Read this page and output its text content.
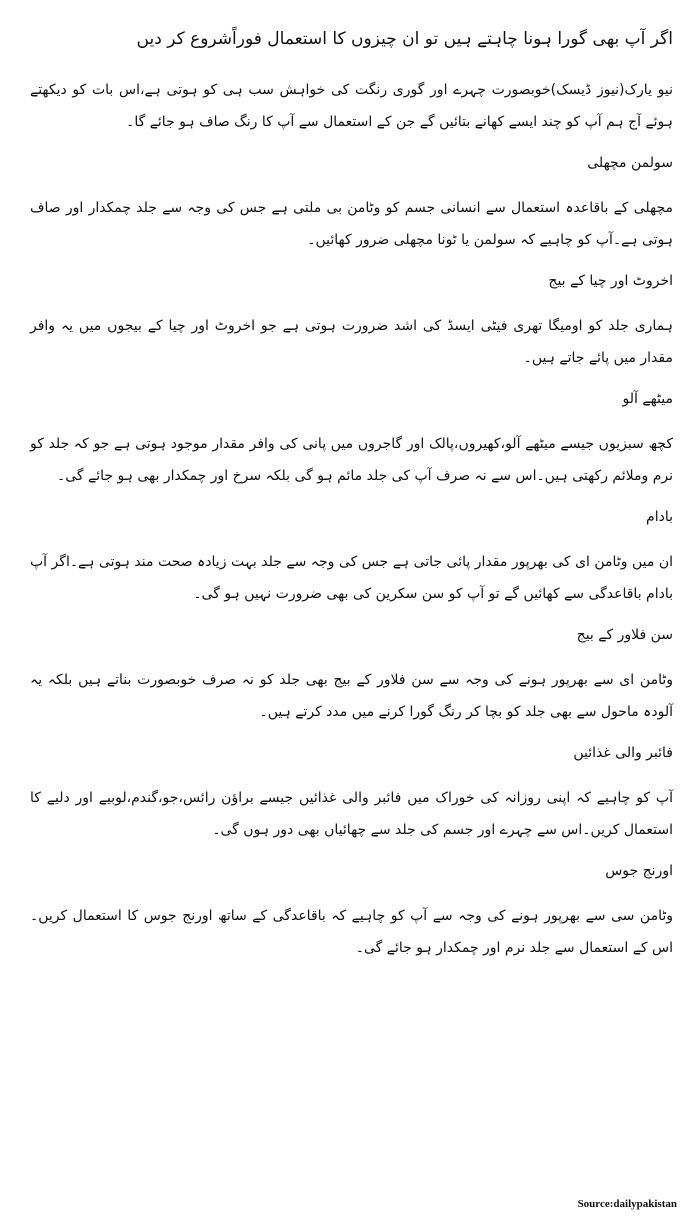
اگر آپ بھی گورا ہونا چاہتے ہیں تو ان چیزوں کا استعمال فوراًشروع کر دیں

نیو یارک(نیوز ڈیسک)خوبصورت چہرے اور گوری رنگت کی خواہش سب ہی کو ہوتی ہے،اس بات کو دیکھتے ہوئے آج ہم آپ کو چند ایسے کھانے بتائیں گے جن کے استعمال سے آپ کا رنگ صاف ہو جائے گا۔

سولمن مچھلی

مچھلی کے باقاعدہ استعمال سے انسانی جسم کو وٹامن بی ملتی ہے جس کی وجہ سے جلد چمکدار اور صاف ہوتی ہے۔آپ کو چاہیے کہ سولمن یا ٹونا مچھلی ضرور کھائیں۔

اخروٹ اور چیا کے بیج

ہماری جلد کو اومیگا تھری فیٹی ایسڈ کی اشد ضرورت ہوتی ہے جو اخروٹ اور چیا کے بیجوں میں یہ وافر مقدار میں پائے جاتے ہیں۔

میٹھے آلو

کچھ سبزیوں جیسے میٹھے آلو،کھیروں،پالک اور گاجروں میں پانی کی وافر مقدار موجود ہوتی ہے جو کہ جلد کو نرم وملائم رکھتی ہیں۔اس سے نہ صرف آپ کی جلد مائم ہو گی بلکہ سرخ اور چمکدار بھی ہو جائے گی۔

بادام

ان میں وٹامن ای کی بھرپور مقدار پائی جاتی ہے جس کی وجہ سے جلد بہت زیادہ صحت مند ہوتی ہے۔اگر آپ بادام باقاعدگی سے کھائیں گے تو آپ کو سن سکرین کی بھی ضرورت نہیں ہو گی۔

سن فلاور کے بیج

وٹامن ای سے بھرپور ہونے کی وجہ سے سن فلاور کے بیج بھی جلد کو نہ صرف خوبصورت بناتے ہیں بلکہ یہ آلودہ ماحول سے بھی جلد کو بچا کر رنگ گورا کرنے میں مدد کرتے ہیں۔

فائبر والی غذائیں

آپ کو چاہیے کہ اپنی روزانہ کی خوراک میں فائبر والی غذائیں جیسے براؤن رائس،جو،گندم،لوبیے اور دلیے کا استعمال کریں۔اس سے چہرے اور جسم کی جلد سے چھائیاں بھی دور ہوں گی۔

اورنج جوس

وٹامن سی سے بھرپور ہونے کی وجہ سے آپ کو چاہیے کہ باقاعدگی کے ساتھ اورنج جوس کا استعمال کریں۔اس کے استعمال سے جلد نرم اور چمکدار ہو جائے گی۔

Source:dailypakistan
